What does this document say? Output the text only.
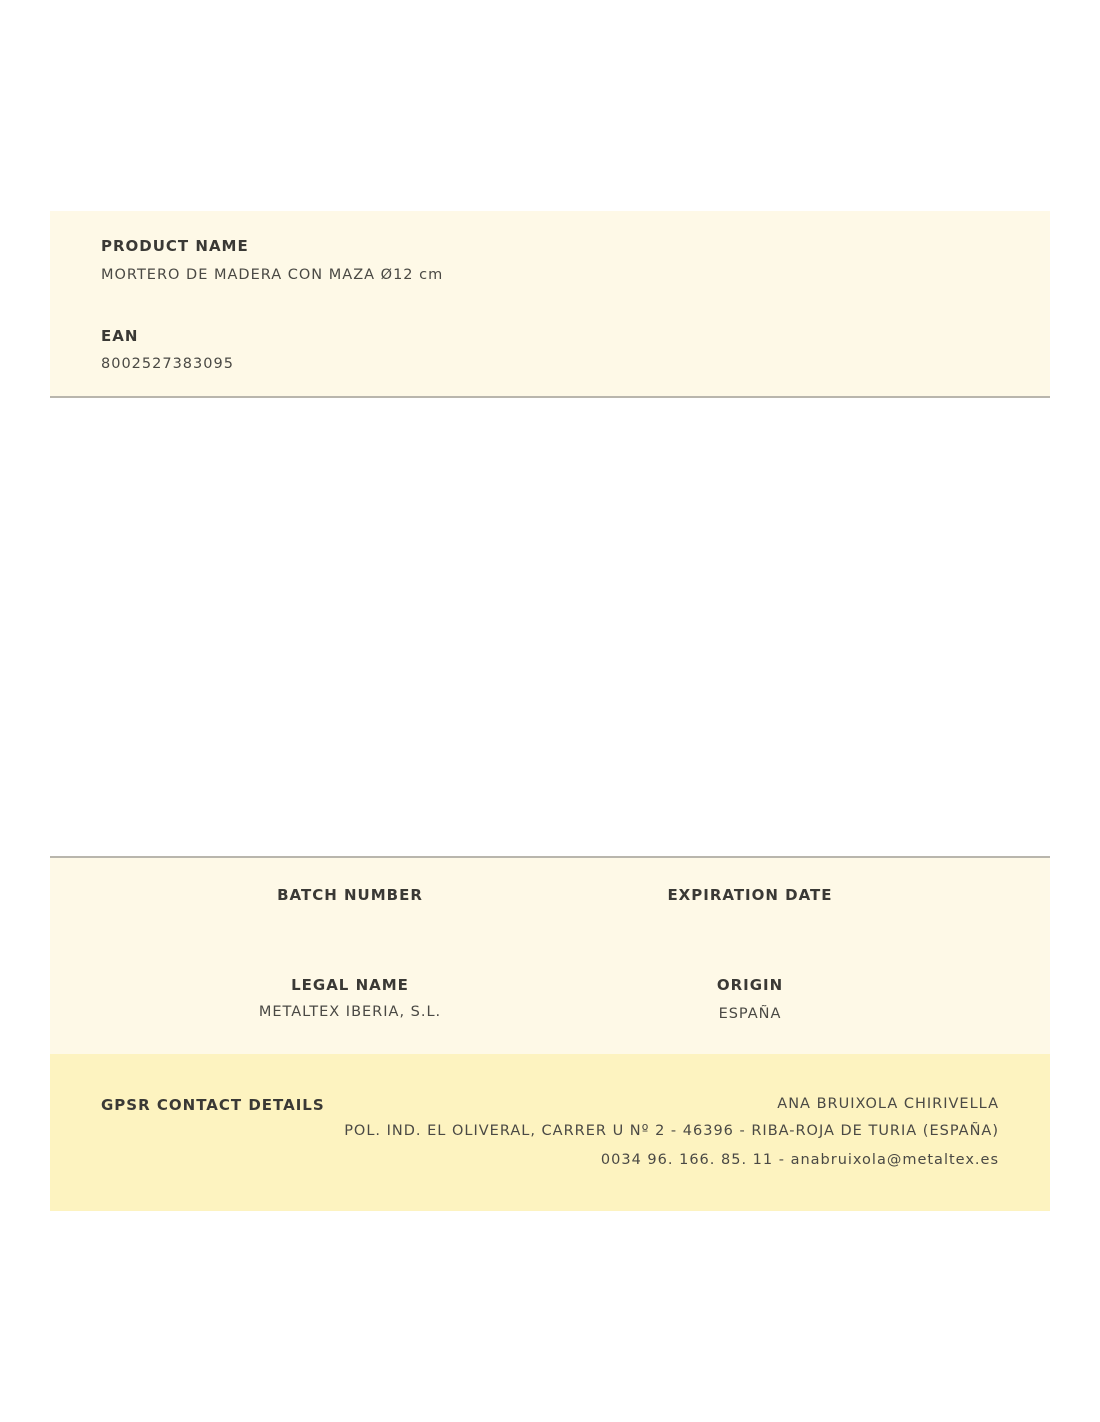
PRODUCT NAME
MORTERO DE MADERA CON MAZA Ø12 cm
EAN
8002527383095
BATCH NUMBER	EXPIRATION DATE
LEGAL NAME
METALTEX IBERIA, S.L.
ORIGIN
ESPAÑA
GPSR CONTACT DETAILS	ANA BRUIXOLA CHIRIVELLA
POL. IND. EL OLIVERAL, CARRER U Nº 2 - 46396 - RIBA-ROJA DE TURIA (ESPAÑA)
0034 96. 166. 85. 11 - anabruixola@metaltex.es
